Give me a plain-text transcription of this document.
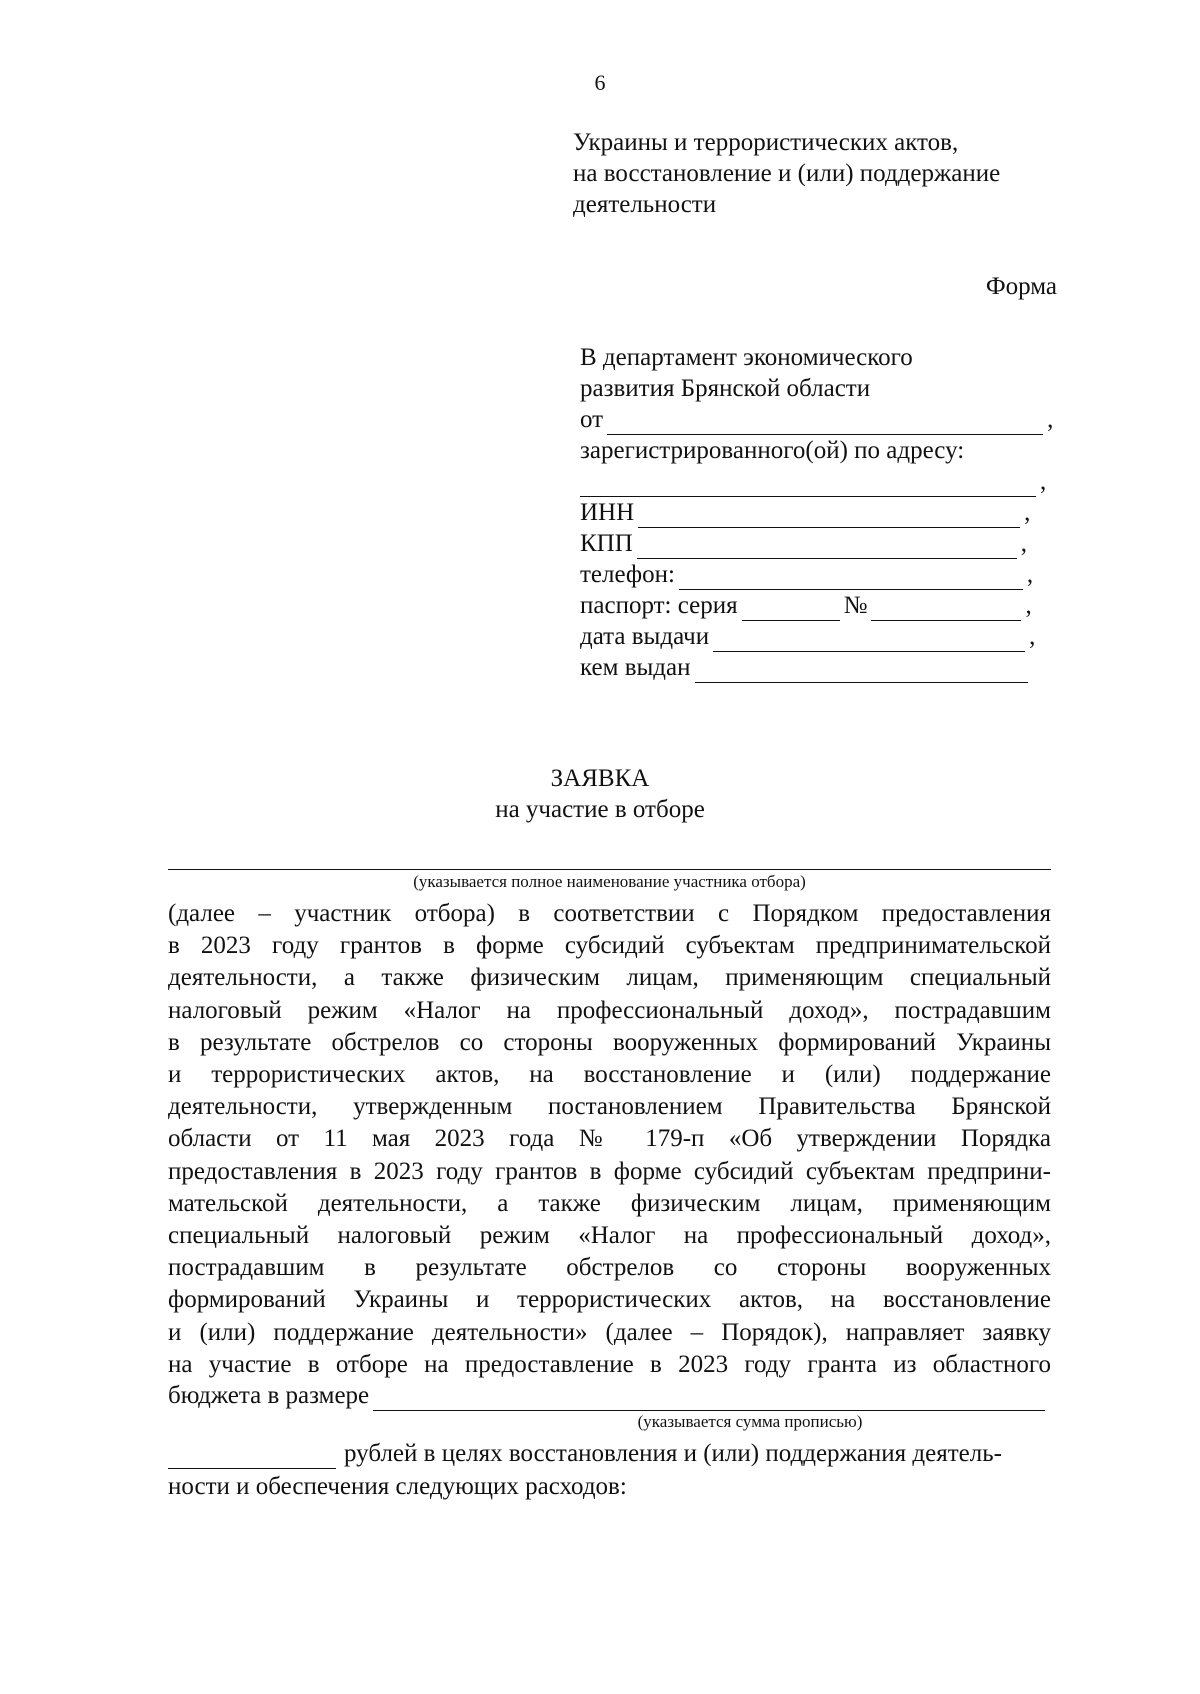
6
Украины и террористических актов,
на восстановление и (или) поддержание
деятельности
Форма
В департамент экономического
развития Брянской области
от	,
зарегистрированного(ой) по адресу:
,
ИНН	,
КПП	,
телефон:	,
паспорт: серия	№	,
дата выдачи	,
кем выдан
ЗАЯВКА
на участие в отборе
(указывается полное наименование участника отбора)

(далее – участник отбора) в соответствии с Порядком предоставления

в 2023 году грантов в форме субсидий субъектам предпринимательской

деятельности, а также физическим лицам, применяющим специальный

налоговый режим «Налог на профессиональный доход», пострадавшим

в результате обстрелов со стороны вооруженных формирований Украины

и террористических актов, на восстановление и (или) поддержание

деятельности, утвержденным постановлением Правительства Брянской

области от 11 мая 2023 года № 179-п «Об утверждении Порядка

предоставления в 2023 году грантов в форме субсидий субъектам предприни-

мательской деятельности, а также физическим лицам, применяющим

специальный налоговый режим «Налог на профессиональный доход»,

пострадавшим в результате обстрелов со стороны вооруженных

формирований Украины и террористических актов, на восстановление

и (или) поддержание деятельности» (далее – Порядок), направляет заявку

на участие в отборе на предоставление в 2023 году гранта из областного

бюджета в размере
(указывается сумма прописью)
рублей в целях восстановления и (или) поддержания деятель-
ности и обеспечения следующих расходов:
